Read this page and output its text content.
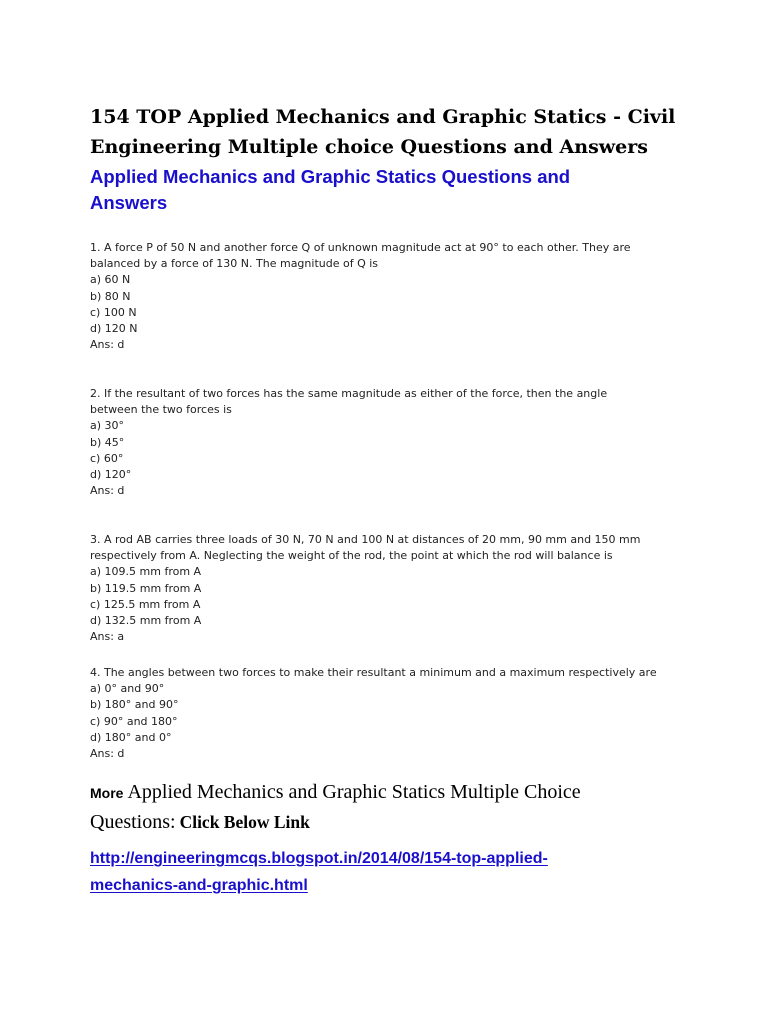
154 TOP Applied Mechanics and Graphic Statics - Civil
Engineering Multiple choice Questions and Answers
Applied Mechanics and Graphic Statics Questions and
Answers
1. A force P of 50 N and another force Q of unknown magnitude act at 90° to each other. They are
balanced by a force of 130 N. The magnitude of Q is
a) 60 N
b) 80 N
c) 100 N
d) 120 N
Ans: d
2. If the resultant of two forces has the same magnitude as either of the force, then the angle
between the two forces is
a) 30°
b) 45°
c) 60°
d) 120°
Ans: d
3. A rod AB carries three loads of 30 N, 70 N and 100 N at distances of 20 mm, 90 mm and 150 mm
respectively from A. Neglecting the weight of the rod, the point at which the rod will balance is
a) 109.5 mm from A
b) 119.5 mm from A
c) 125.5 mm from A
d) 132.5 mm from A
Ans: a
4. The angles between two forces to make their resultant a minimum and a maximum respectively are
a) 0° and 90°
b) 180° and 90°
c) 90° and 180°
d) 180° and 0°
Ans: d
More Applied Mechanics and Graphic Statics Multiple Choice
Questions: Click Below Link
http://engineeringmcqs.blogspot.in/2014/08/154-top-applied-
mechanics-and-graphic.html
